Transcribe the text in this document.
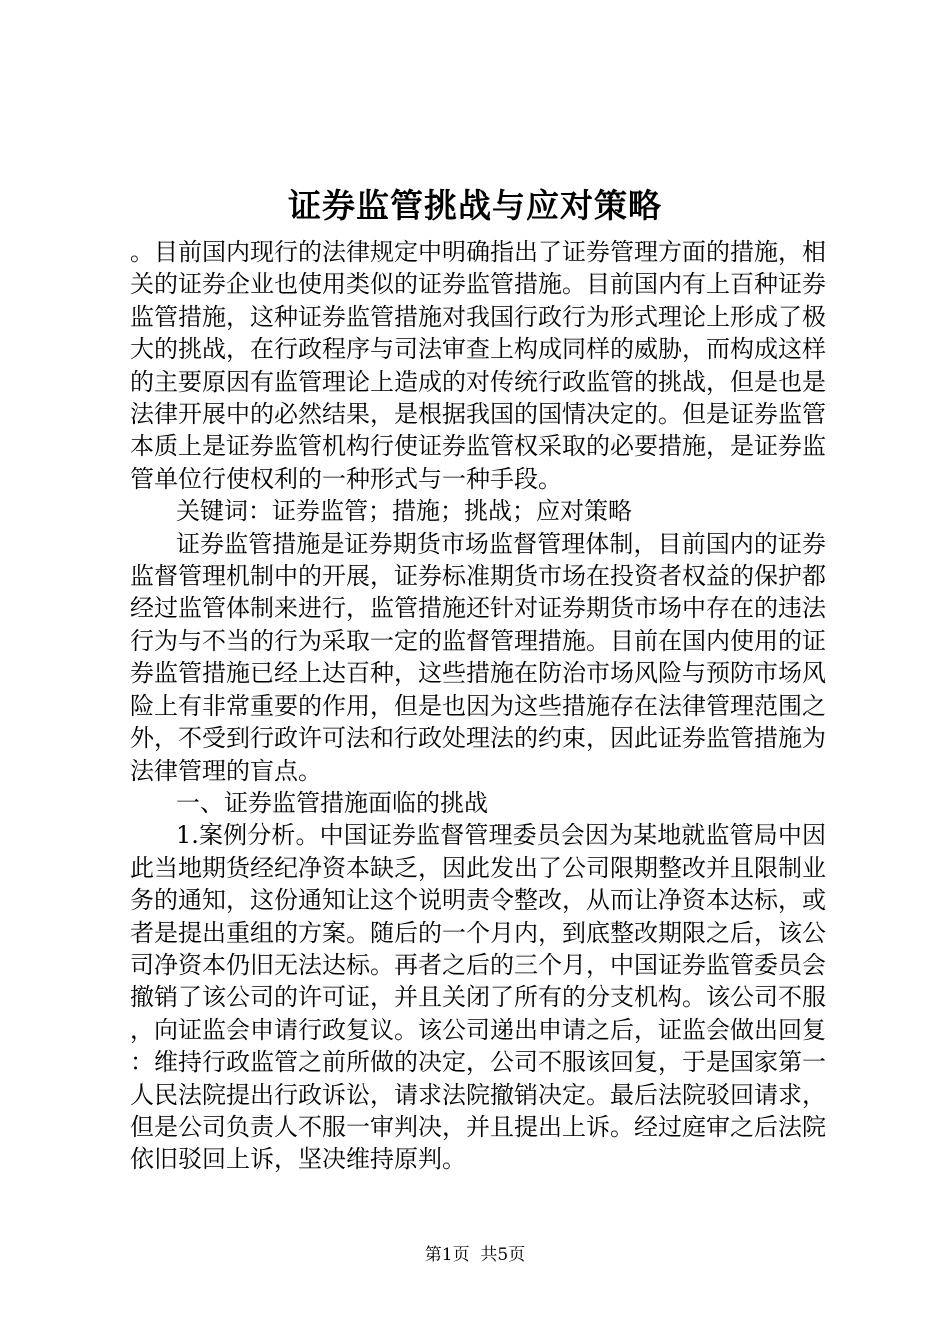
证券监管挑战与应对策略

。目前国内现行的法律规定中明确指出了证券管理方面的措施，相关的证券企业也使用类似的证券监管措施。目前国内有上百种证券监管措施，这种证券监管措施对我国行政行为形式理论上形成了极大的挑战，在行政程序与司法审查上构成同样的威胁，而构成这样的主要原因有监管理论上造成的对传统行政监管的挑战，但是也是法律开展中的必然结果，是根据我国的国情决定的。但是证券监管本质上是证券监管机构行使证券监管权采取的必要措施，是证券监管单位行使权利的一种形式与一种手段。

关键词：证券监管；措施；挑战；应对策略

证券监管措施是证券期货市场监督管理体制，目前国内的证券监督管理机制中的开展，证券标准期货市场在投资者权益的保护都经过监管体制来进行，监管措施还针对证券期货市场中存在的违法行为与不当的行为采取一定的监督管理措施。目前在国内使用的证券监管措施已经上达百种，这些措施在防治市场风险与预防市场风险上有非常重要的作用，但是也因为这些措施存在法律管理范围之外，不受到行政许可法和行政处理法的约束，因此证券监管措施为法律管理的盲点。

一、证券监管措施面临的挑战

1.案例分析。中国证券监督管理委员会因为某地就监管局中因此当地期货经纪净资本缺乏，因此发出了公司限期整改并且限制业务的通知，这份通知让这个说明责令整改，从而让净资本达标，或者是提出重组的方案。随后的一个月内，到底整改期限之后，该公司净资本仍旧无法达标。再者之后的三个月，中国证券监管委员会撤销了该公司的许可证，并且关闭了所有的分支机构。该公司不服，向证监会申请行政复议。该公司递出申请之后，证监会做出回复：维持行政监管之前所做的决定，公司不服该回复，于是国家第一人民法院提出行政诉讼，请求法院撤销决定。最后法院驳回请求，但是公司负责人不服一审判决，并且提出上诉。经过庭审之后法院依旧驳回上诉，坚决维持原判。

第1页 共5页
